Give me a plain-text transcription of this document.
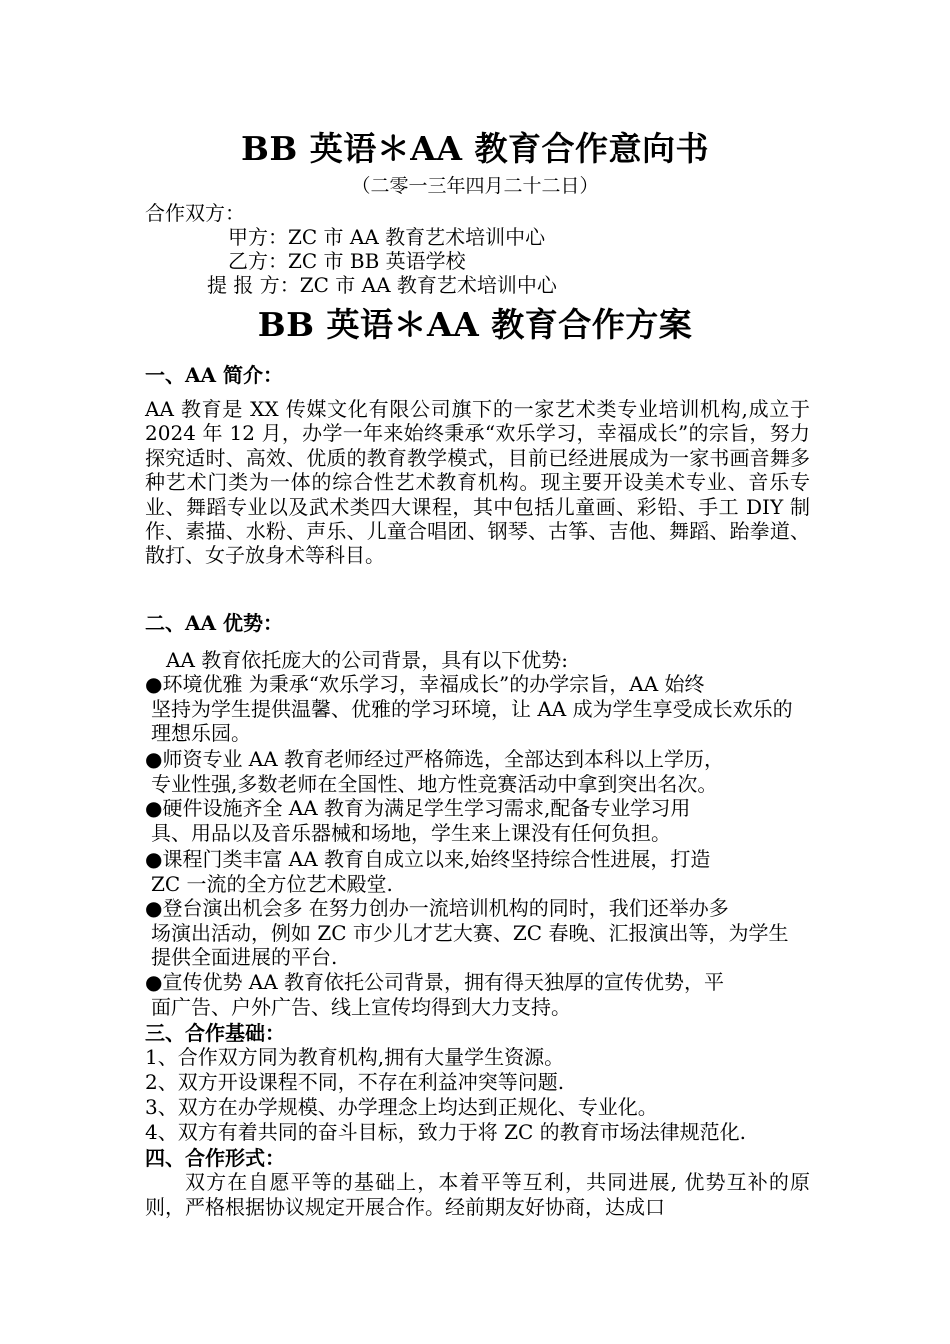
BB 英语＊AA 教育合作意向书
（二零一三年四月二十二日）
合作双方：
甲方：ZC 市 AA 教育艺术培训中心
乙方：ZC 市 BB 英语学校
提 报 方：ZC 市 AA 教育艺术培训中心
BB 英语＊AA 教育合作方案
一、AA 简介：
AA 教育是 XX 传媒文化有限公司旗下的一家艺术类专业培训机构,成立于 2024 年 12 月，办学一年来始终秉承“欢乐学习，幸福成长”的宗旨，努力探究适时、高效、优质的教育教学模式，目前已经进展成为一家书画音舞多种艺术门类为一体的综合性艺术教育机构。现主要开设美术专业、音乐专业、舞蹈专业以及武术类四大课程，其中包括儿童画、彩铅、手工 DIY 制作、素描、水粉、声乐、儿童合唱团、钢琴、古筝、吉他、舞蹈、跆拳道、散打、女子放身术等科目。
二、AA 优势：
AA 教育依托庞大的公司背景，具有以下优势:
●环境优雅 为秉承“欢乐学习，幸福成长”的办学宗旨，AA 始终
坚持为学生提供温馨、优雅的学习环境，让 AA 成为学生享受成长欢乐的理想乐园。
●师资专业 AA 教育老师经过严格筛选，全部达到本科以上学历，
专业性强,多数老师在全国性、地方性竞赛活动中拿到突出名次。
●硬件设施齐全 AA 教育为满足学生学习需求,配备专业学习用
具、用品以及音乐器械和场地，学生来上课没有任何负担。
●课程门类丰富 AA 教育自成立以来,始终坚持综合性进展，打造
ZC 一流的全方位艺术殿堂.
●登台演出机会多 在努力创办一流培训机构的同时，我们还举办多
场演出活动，例如 ZC 市少儿才艺大赛、ZC 春晚、汇报演出等，为学生提供全面进展的平台.
●宣传优势 AA 教育依托公司背景，拥有得天独厚的宣传优势，平
面广告、户外广告、线上宣传均得到大力支持。
三、合作基础：
1、合作双方同为教育机构,拥有大量学生资源。
2、双方开设课程不同，不存在利益冲突等问题.
3、双方在办学规模、办学理念上均达到正规化、专业化。
4、双方有着共同的奋斗目标，致力于将 ZC 的教育市场法律规范化.
四、合作形式：
双方在自愿平等的基础上，本着平等互利，共同进展, 优势互补的原则，严格根据协议规定开展合作。经前期友好协商，达成口
